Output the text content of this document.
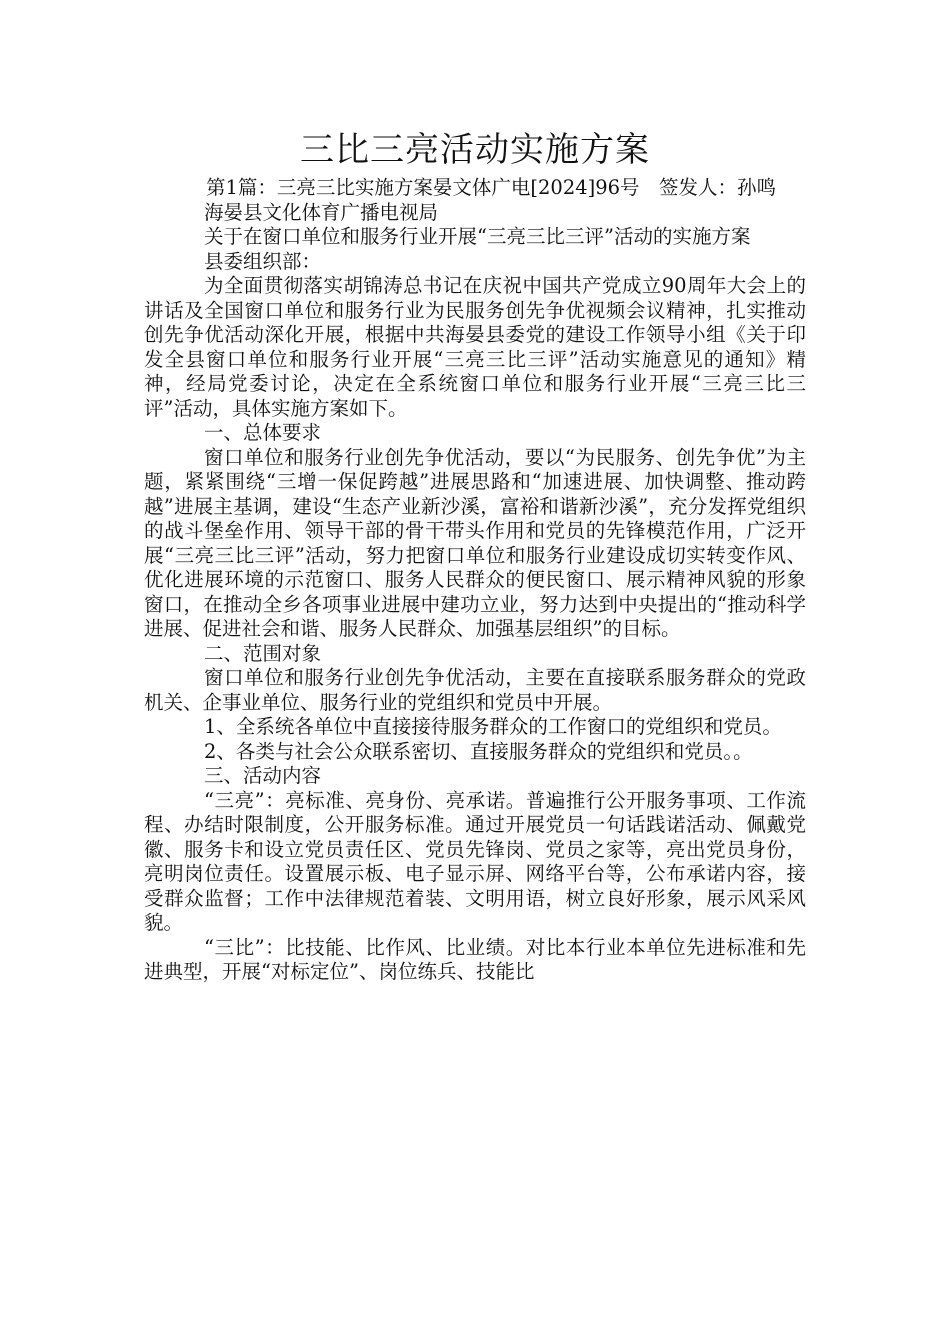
三比三亮活动实施方案

第1篇：三亮三比实施方案晏文体广电[2024]96号　签发人：孙鸣

海晏县文化体育广播电视局

关于在窗口单位和服务行业开展“三亮三比三评”活动的实施方案

县委组织部：

为全面贯彻落实胡锦涛总书记在庆祝中国共产党成立90周年大会上的讲话及全国窗口单位和服务行业为民服务创先争优视频会议精神，扎实推动创先争优活动深化开展，根据中共海晏县委党的建设工作领导小组《关于印发全县窗口单位和服务行业开展“三亮三比三评”活动实施意见的通知》精神，经局党委讨论，决定在全系统窗口单位和服务行业开展“三亮三比三评”活动，具体实施方案如下。

一、总体要求

窗口单位和服务行业创先争优活动，要以“为民服务、创先争优”为主题，紧紧围绕“三增一保促跨越”进展思路和“加速进展、加快调整、推动跨越”进展主基调，建设“生态产业新沙溪，富裕和谐新沙溪”，充分发挥党组织的战斗堡垒作用、领导干部的骨干带头作用和党员的先锋模范作用，广泛开展“三亮三比三评”活动，努力把窗口单位和服务行业建设成切实转变作风、优化进展环境的示范窗口、服务人民群众的便民窗口、展示精神风貌的形象窗口，在推动全乡各项事业进展中建功立业，努力达到中央提出的“推动科学进展、促进社会和谐、服务人民群众、加强基层组织”的目标。

二、范围对象

窗口单位和服务行业创先争优活动，主要在直接联系服务群众的党政机关、企事业单位、服务行业的党组织和党员中开展。

1、全系统各单位中直接接待服务群众的工作窗口的党组织和党员。

2、各类与社会公众联系密切、直接服务群众的党组织和党员。。

三、活动内容

“三亮”：亮标准、亮身份、亮承诺。普遍推行公开服务事项、工作流程、办结时限制度，公开服务标准。通过开展党员一句话践诺活动、佩戴党徽、服务卡和设立党员责任区、党员先锋岗、党员之家等，亮出党员身份，亮明岗位责任。设置展示板、电子显示屏、网络平台等，公布承诺内容，接受群众监督；工作中法律规范着装、文明用语，树立良好形象，展示风采风貌。

“三比”：比技能、比作风、比业绩。对比本行业本单位先进标准和先进典型，开展“对标定位”、岗位练兵、技能比
